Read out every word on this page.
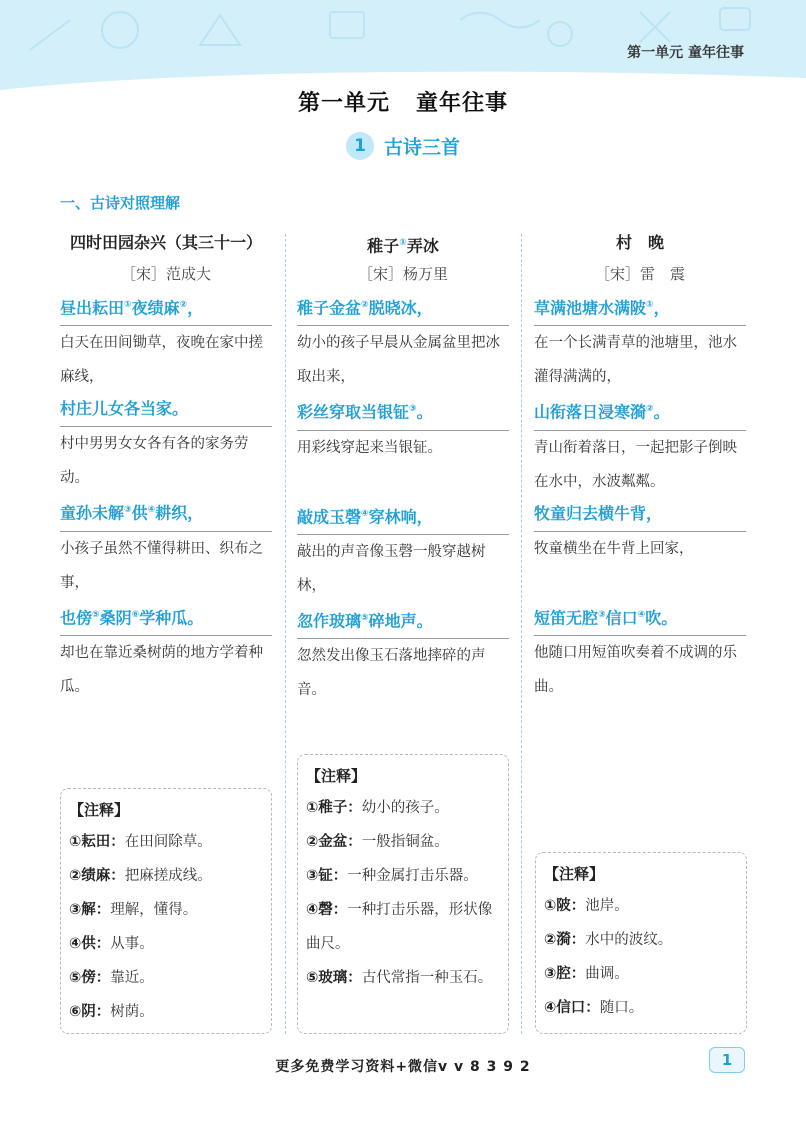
第一单元 童年往事
第一单元 童年往事
1 古诗三首
一、古诗对照理解
四时田园杂兴（其三十一）
［宋］范成大
昼出耘田①夜绩麻②，
白天在田间锄草，夜晚在家中搓麻线，
村庄儿女各当家。
村中男男女女各有各的家务劳动。
童孙未解③供④耕织，
小孩子虽然不懂得耕田、织布之事，
也傍⑤桑阴⑥学种瓜。
却也在靠近桑树荫的地方学着种瓜。
稚子①弄冰
［宋］杨万里
稚子金盆②脱晓冰，
幼小的孩子早晨从金属盆里把冰取出来，
彩丝穿取当银钲③。
用彩线穿起来当银钲。
敲成玉磬④穿林响，
敲出的声音像玉磬一般穿越树林，
忽作玻璃⑤碎地声。
忽然发出像玉石落地摔碎的声音。
村　晚
［宋］雷　震
草满池塘水满陂①，
在一个长满青草的池塘里，池水灌得满满的，
山衔落日浸寒漪②。
青山衔着落日，一起把影子倒映在水中，水波粼粼。
牧童归去横牛背，
牧童横坐在牛背上回家，
短笛无腔③信口④吹。
他随口用短笛吹奏着不成调的乐曲。
【注释】
①耘田：在田间除草。
②绩麻：把麻搓成线。
③解：理解，懂得。
④供：从事。
⑤傍：靠近。
⑥阴：树荫。
【注释】
①稚子：幼小的孩子。
②金盆：一般指铜盆。
③钲：一种金属打击乐器。
④磬：一种打击乐器，形状像曲尺。
⑤玻璃：古代常指一种玉石。
【注释】
①陂：池岸。
②漪：水中的波纹。
③腔：曲调。
④信口：随口。
更多免费学习资料+微信v v 8 3 9 2	1
